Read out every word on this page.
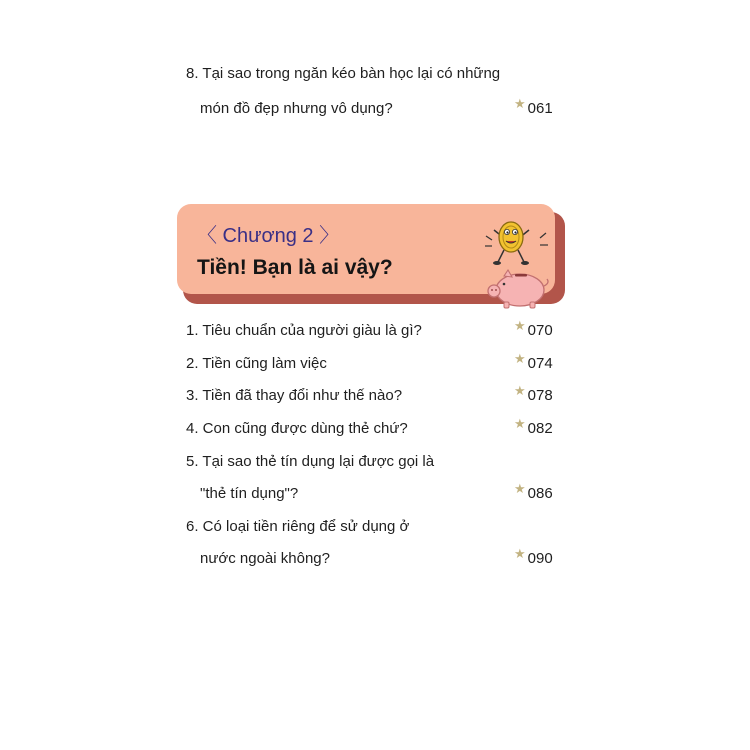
8. Tại sao trong ngăn kéo bàn học lại có những
món đồ đẹp nhưng vô dụng?	★ 061
〈 Chương 2 〉
Tiền! Bạn là ai vậy?
1. Tiêu chuẩn của người giàu là gì?	★ 070
2. Tiền cũng làm việc	★ 074
3. Tiền đã thay đổi như thế nào?	★ 078
4. Con cũng được dùng thẻ chứ?	★ 082
5. Tại sao thẻ tín dụng lại được gọi là
"thẻ tín dụng"?	★ 086
6. Có loại tiền riêng để sử dụng ở
nước ngoài không?	★ 090
